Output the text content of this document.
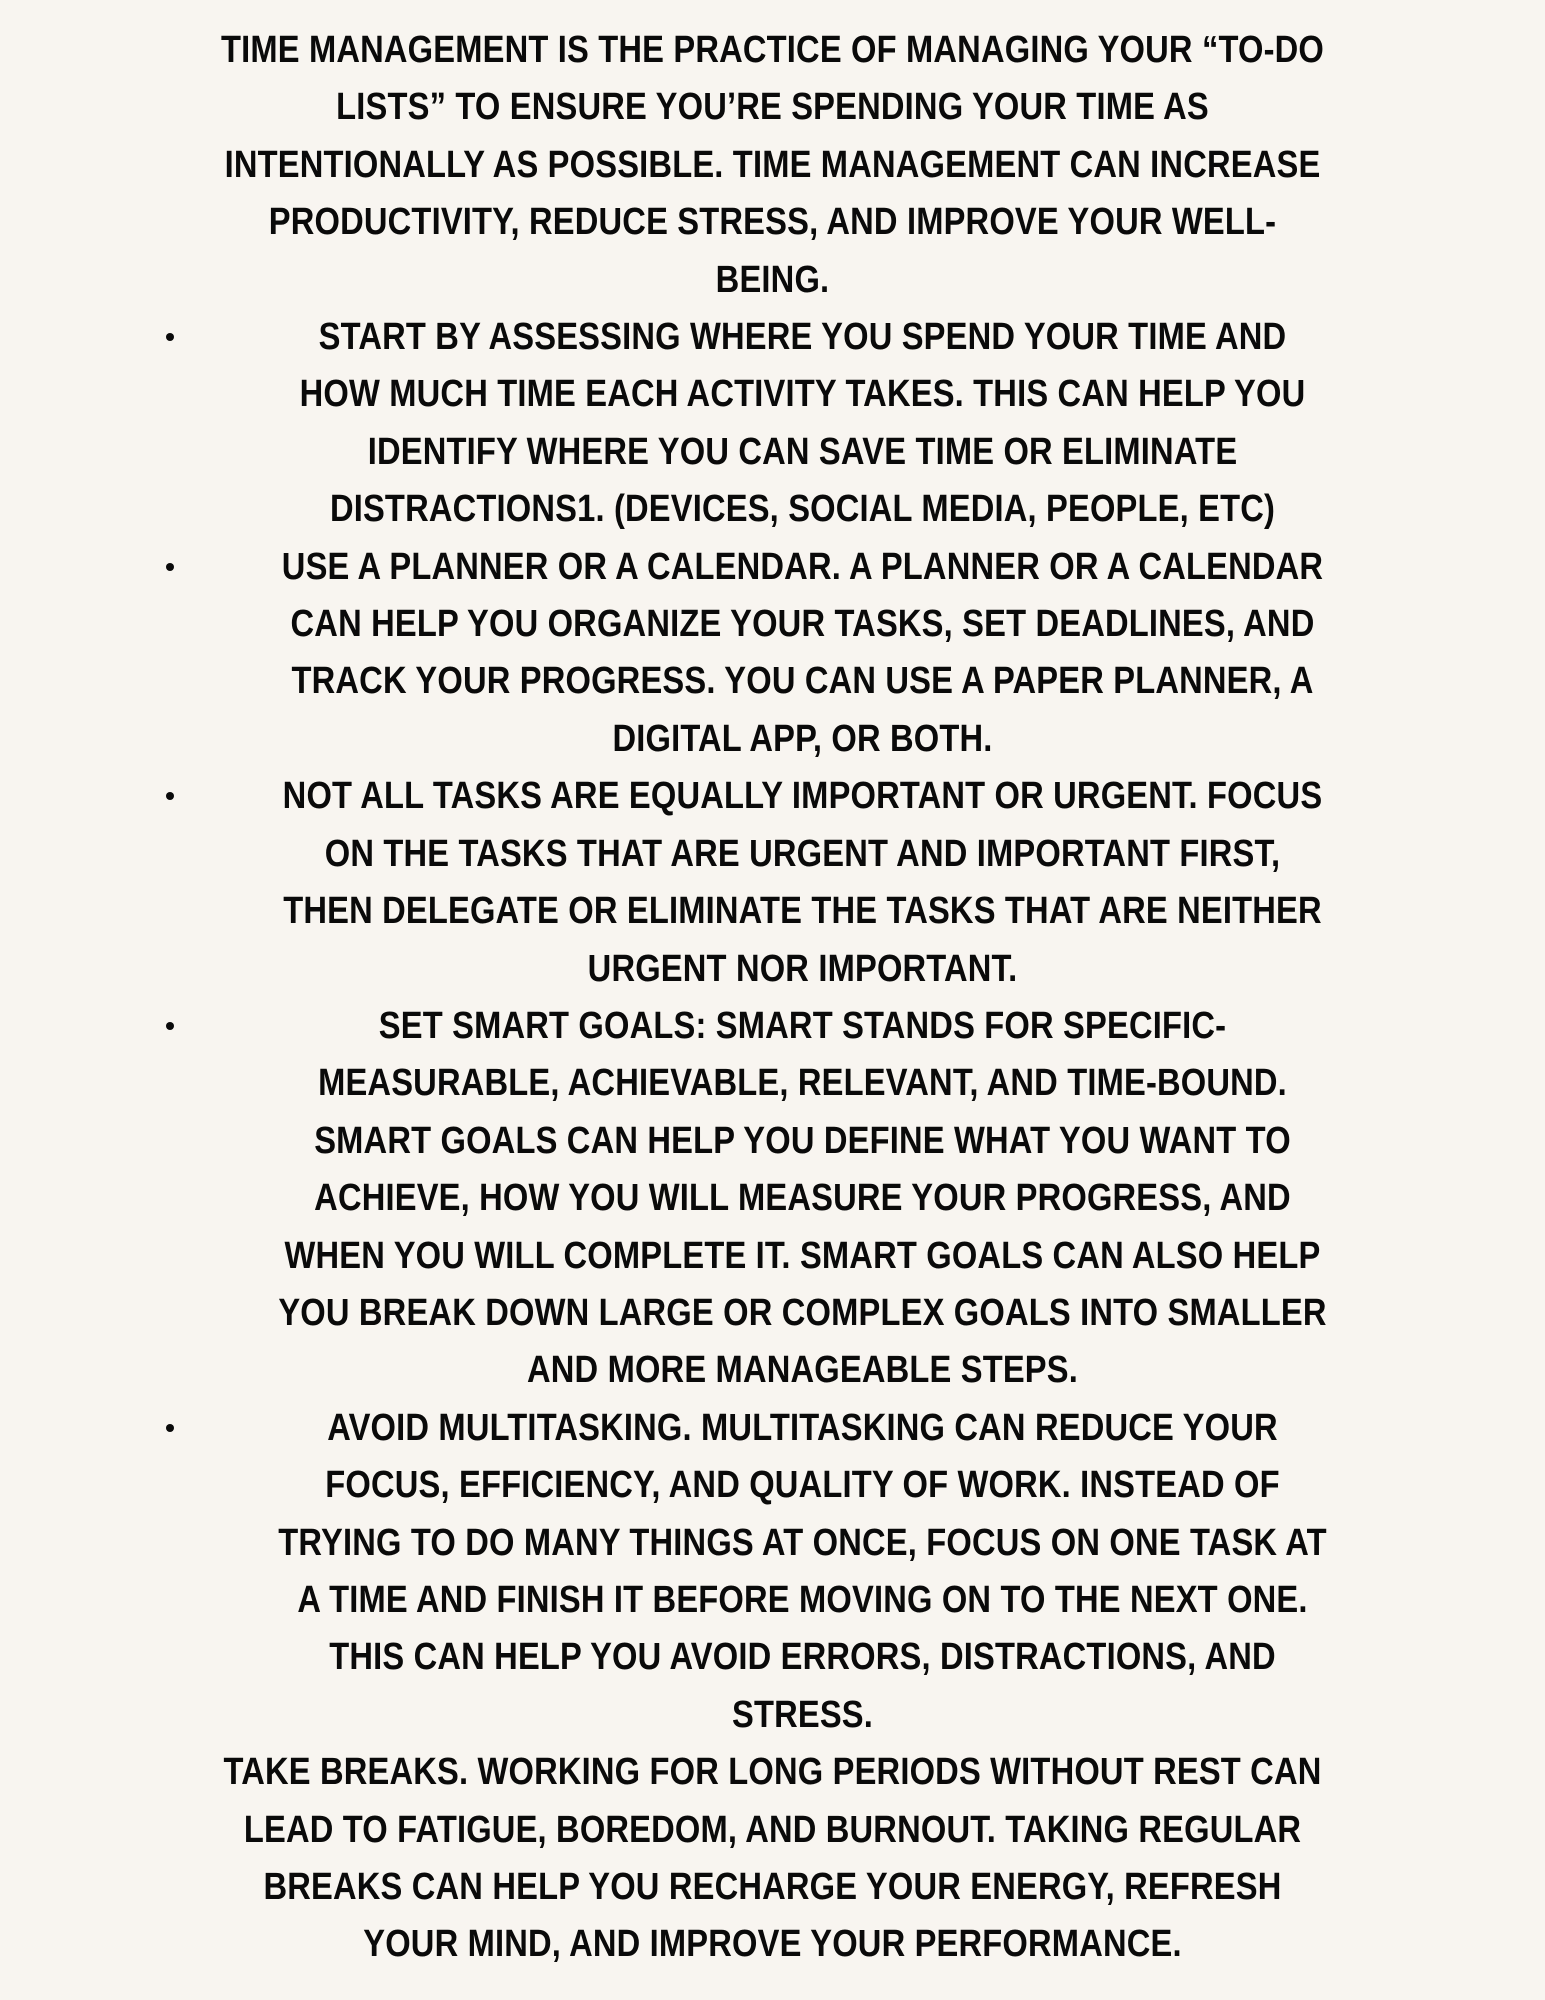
TIME MANAGEMENT IS THE PRACTICE OF MANAGING YOUR “TO-DO LISTS” TO ENSURE YOU’RE SPENDING YOUR TIME AS INTENTIONALLY AS POSSIBLE. TIME MANAGEMENT CAN INCREASE PRODUCTIVITY, REDUCE STRESS, AND IMPROVE YOUR WELL-BEING.

START BY ASSESSING WHERE YOU SPEND YOUR TIME AND HOW MUCH TIME EACH ACTIVITY TAKES. THIS CAN HELP YOU IDENTIFY WHERE YOU CAN SAVE TIME OR ELIMINATE DISTRACTIONS1. (DEVICES, SOCIAL MEDIA, PEOPLE, ETC)

USE A PLANNER OR A CALENDAR. A PLANNER OR A CALENDAR CAN HELP YOU ORGANIZE YOUR TASKS, SET DEADLINES, AND TRACK YOUR PROGRESS. YOU CAN USE A PAPER PLANNER, A DIGITAL APP, OR BOTH.

NOT ALL TASKS ARE EQUALLY IMPORTANT OR URGENT. FOCUS ON THE TASKS THAT ARE URGENT AND IMPORTANT FIRST, THEN DELEGATE OR ELIMINATE THE TASKS THAT ARE NEITHER URGENT NOR IMPORTANT.

SET SMART GOALS: SMART STANDS FOR SPECIFIC-MEASURABLE, ACHIEVABLE, RELEVANT, AND TIME-BOUND. SMART GOALS CAN HELP YOU DEFINE WHAT YOU WANT TO ACHIEVE, HOW YOU WILL MEASURE YOUR PROGRESS, AND WHEN YOU WILL COMPLETE IT. SMART GOALS CAN ALSO HELP YOU BREAK DOWN LARGE OR COMPLEX GOALS INTO SMALLER AND MORE MANAGEABLE STEPS.

AVOID MULTITASKING. MULTITASKING CAN REDUCE YOUR FOCUS, EFFICIENCY, AND QUALITY OF WORK. INSTEAD OF TRYING TO DO MANY THINGS AT ONCE, FOCUS ON ONE TASK AT A TIME AND FINISH IT BEFORE MOVING ON TO THE NEXT ONE. THIS CAN HELP YOU AVOID ERRORS, DISTRACTIONS, AND STRESS.

TAKE BREAKS. WORKING FOR LONG PERIODS WITHOUT REST CAN LEAD TO FATIGUE, BOREDOM, AND BURNOUT. TAKING REGULAR BREAKS CAN HELP YOU RECHARGE YOUR ENERGY, REFRESH YOUR MIND, AND IMPROVE YOUR PERFORMANCE.
